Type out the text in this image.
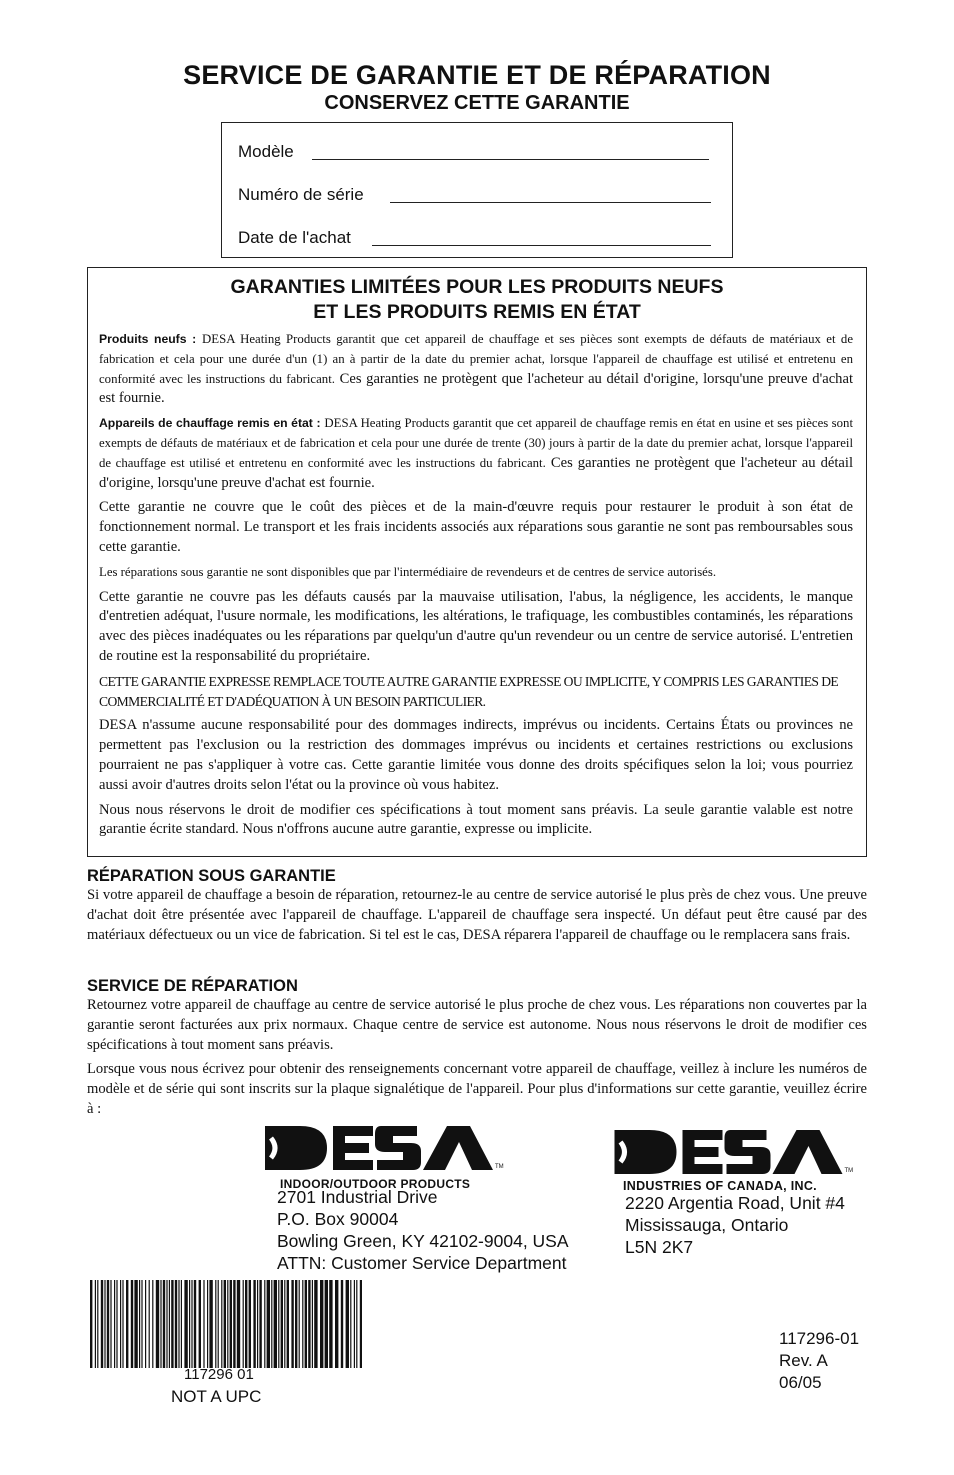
SERVICE DE GARANTIE ET DE RÉPARATION
CONSERVEZ CETTE GARANTIE
Modèle
Numéro de série
Date de l'achat
GARANTIES LIMITÉES POUR LES PRODUITS NEUFS
ET LES PRODUITS REMIS EN ÉTAT

Produits neufs : DESA Heating Products garantit que cet appareil de chauffage et ses pièces sont exempts de défauts de matériaux et de fabrication et cela pour une durée d'un (1) an à partir de la date du premier achat, lorsque l'appareil de chauffage est utilisé et entretenu en conformité avec les instructions du fabricant. Ces garanties ne protègent que l'acheteur au détail d'origine, lorsqu'une preuve d'achat est fournie.

Appareils de chauffage remis en état : DESA Heating Products garantit que cet appareil de chauffage remis en état en usine et ses pièces sont exempts de défauts de matériaux et de fabrication et cela pour une durée de trente (30) jours à partir de la date du premier achat, lorsque l'appareil de chauffage est utilisé et entretenu en conformité avec les instructions du fabricant. Ces garanties ne protègent que l'acheteur au détail d'origine, lorsqu'une preuve d'achat est fournie.

Cette garantie ne couvre que le coût des pièces et de la main-d'œuvre requis pour restaurer le produit à son état de fonctionnement normal. Le transport et les frais incidents associés aux réparations sous garantie ne sont pas remboursables sous cette garantie.

Les réparations sous garantie ne sont disponibles que par l'intermédiaire de revendeurs et de centres de service autorisés.

Cette garantie ne couvre pas les défauts causés par la mauvaise utilisation, l'abus, la négligence, les accidents, le manque d'entretien adéquat, l'usure normale, les modifications, les altérations, le trafiquage, les combustibles contaminés, les réparations avec des pièces inadéquates ou les réparations par quelqu'un d'autre qu'un revendeur ou un centre de service autorisé. L'entretien de routine est la responsabilité du propriétaire.

CETTE GARANTIE EXPRESSE REMPLACE TOUTE AUTRE GARANTIE EXPRESSE OU IMPLICITE, Y COMPRIS LES GARANTIES DE COMMERCIALITÉ ET D'ADÉQUATION À UN BESOIN PARTICULIER.

DESA n'assume aucune responsabilité pour des dommages indirects, imprévus ou incidents. Certains États ou provinces ne permettent pas l'exclusion ou la restriction des dommages imprévus ou incidents et certaines restrictions ou exclusions pourraient ne pas s'appliquer à votre cas. Cette garantie limitée vous donne des droits spécifiques selon la loi; vous pourriez aussi avoir d'autres droits selon l'état ou la province où vous habitez.

Nous nous réservons le droit de modifier ces spécifications à tout moment sans préavis. La seule garantie valable est notre garantie écrite standard. Nous n'offrons aucune autre garantie, expresse ou implicite.

RÉPARATION SOUS GARANTIE

Si votre appareil de chauffage a besoin de réparation, retournez-le au centre de service autorisé le plus près de chez vous. Une preuve d'achat doit être présentée avec l'appareil de chauffage. L'appareil de chauffage sera inspecté. Un défaut peut être causé par des matériaux défectueux ou un vice de fabrication. Si tel est le cas, DESA réparera l'appareil de chauffage ou le remplacera sans frais.

SERVICE DE RÉPARATION

Retournez votre appareil de chauffage au centre de service autorisé le plus proche de chez vous. Les réparations non couvertes par la garantie seront facturées aux prix normaux. Chaque centre de service est autonome. Nous nous réservons le droit de modifier ces spécifications à tout moment sans préavis.

Lorsque vous nous écrivez pour obtenir des renseignements concernant votre appareil de chauffage, veillez à inclure les numéros de modèle et de série qui sont inscrits sur la plaque signalétique de l'appareil. Pour plus d'informations sur cette garantie, veuillez écrire à :

TM
INDOOR/OUTDOOR PRODUCTS
2701 Industrial Drive
P.O. Box 90004
Bowling Green, KY 42102-9004, USA
ATTN: Customer Service Department
TM
INDUSTRIES OF CANADA, INC.
2220 Argentia Road, Unit #4
Mississauga, Ontario
L5N 2K7
117296 01
NOT A UPC
117296-01
Rev. A
06/05
